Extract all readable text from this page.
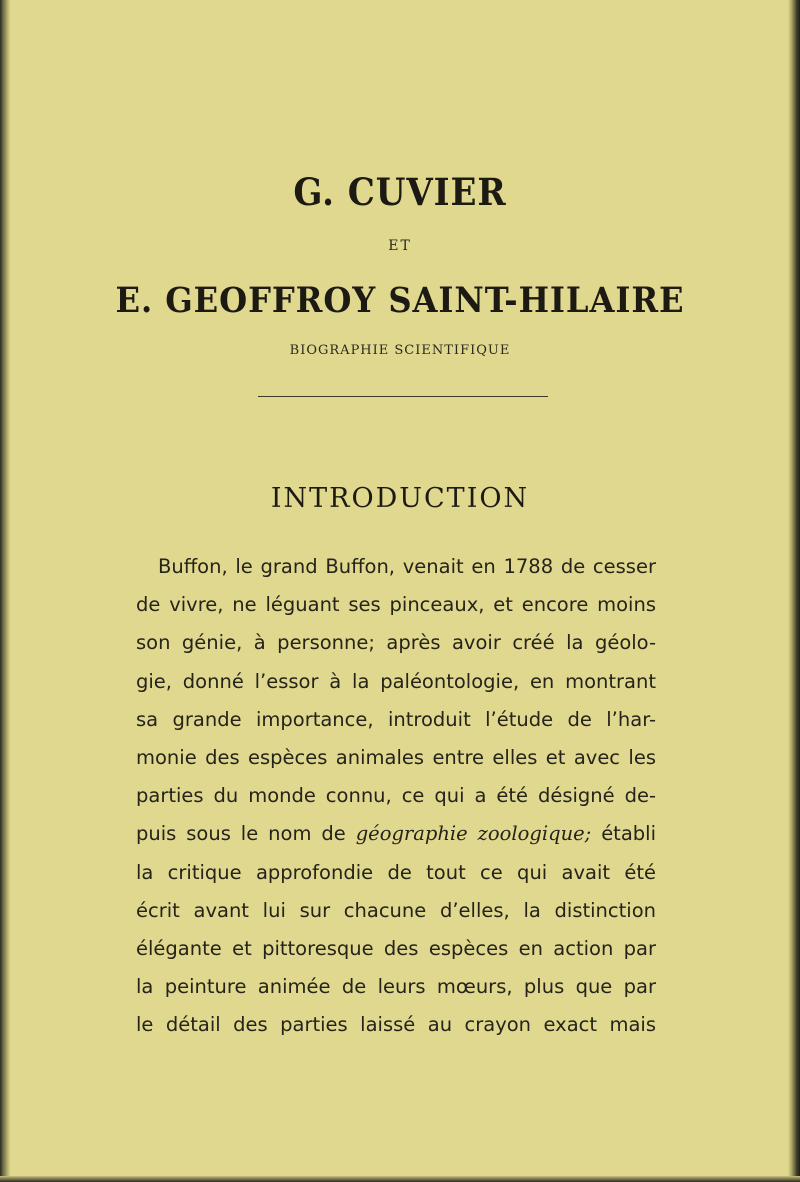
G. CUVIER
ET
E. GEOFFROY SAINT-HILAIRE
BIOGRAPHIE SCIENTIFIQUE
INTRODUCTION
Buffon, le grand Buffon, venait en 1788 de cesser
de vivre, ne léguant ses pinceaux, et encore moins
son génie, à personne; après avoir créé la géolo-
gie, donné l’essor à la paléontologie, en montrant
sa grande importance, introduit l’étude de l’har-
monie des espèces animales entre elles et avec les
parties du monde connu, ce qui a été désigné de-
puis sous le nom de géographie zoologique; établi
la critique approfondie de tout ce qui avait été
écrit avant lui sur chacune d’elles, la distinction
élégante et pittoresque des espèces en action par
la peinture animée de leurs mœurs, plus que par
le détail des parties laissé au crayon exact mais
